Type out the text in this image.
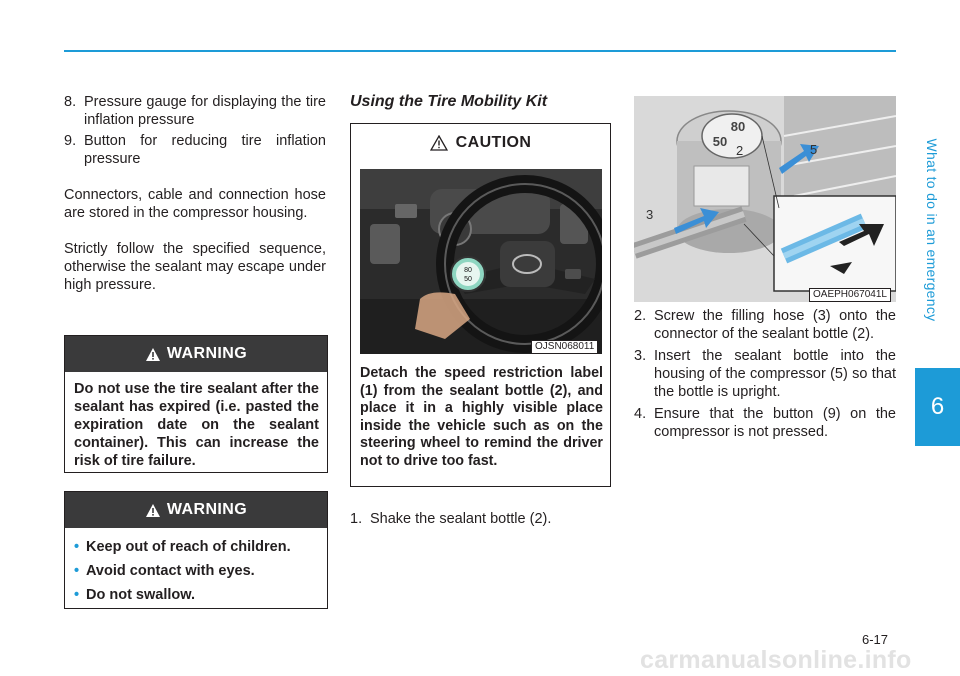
What to do in an emergency
6
8. Pressure gauge for displaying the tire inflation pressure
9. Button for reducing tire inflation pressure

Connectors, cable and connection hose are stored in the compressor housing.

Strictly follow the specified sequence, otherwise the sealant may escape under high pressure.

WARNING
Do not use the tire sealant after the sealant has expired (i.e. pasted the expiration date on the sealant container). This can increase the risk of tire failure.
WARNING
• Keep out of reach of children.
• Avoid contact with eyes.
• Do not swallow.
Using the Tire Mobility Kit
CAUTION
80
50
OJSN068011
Detach the speed restriction label (1) from the sealant bottle (2), and place it in a highly visible place inside the vehicle such as on the steering wheel to remind the driver not to drive too fast.
1. Shake the sealant bottle (2).
80
50
2
3
5
OAEPH067041L
2. Screw the filling hose (3) onto the connector of the sealant bottle (2).
3. Insert the sealant bottle into the housing of the compressor (5) so that the bottle is upright.
4. Ensure that the button (9) on the compressor is not pressed.
6-17
carmanualsonline.info
